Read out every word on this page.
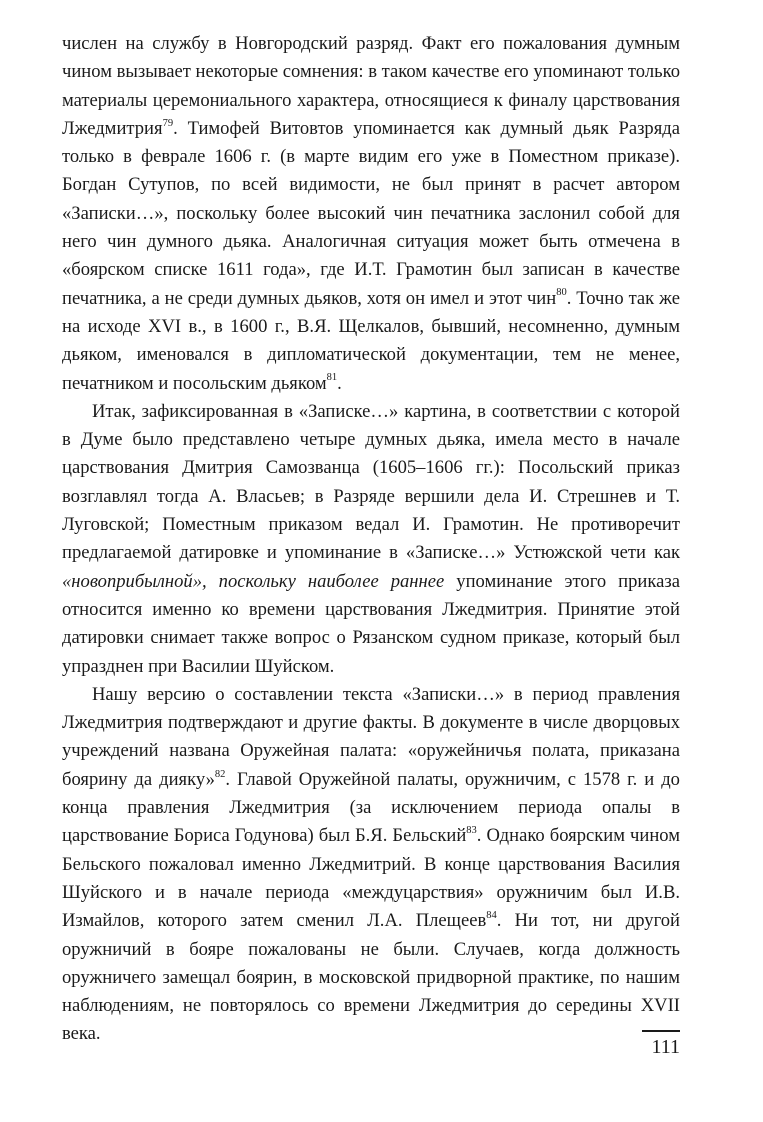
числен на службу в Новгородский разряд. Факт его пожалования думным чином вызывает некоторые сомнения: в таком качестве его упоминают только материалы церемониального характера, относящиеся к финалу царствования Лжедмитрия$^{79}$. Тимофей Витовтов упоминается как думный дьяк Разряда только в феврале 1606 г. (в марте видим его уже в Поместном приказе). Богдан Сутупов, по всей видимости, не был принят в расчет автором «Записки…», поскольку более высокий чин печатника заслонил собой для него чин думного дьяка. Аналогичная ситуация может быть отмечена в «боярском списке 1611 года», где И.Т. Грамотин был записан в качестве печатника, а не среди думных дьяков, хотя он имел и этот чин$^{80}$. Точно так же на исходе XVI в., в 1600 г., В.Я. Щелкалов, бывший, несомненно, думным дьяком, именовался в дипломатической документации, тем не менее, печатником и посольским дьяком$^{81}$.

Итак, зафиксированная в «Записке…» картина, в соответствии с которой в Думе было представлено четыре думных дьяка, имела место в начале царствования Дмитрия Самозванца (1605–1606 гг.): Посольский приказ возглавлял тогда А. Власьев; в Разряде вершили дела И. Стрешнев и Т. Луговской; Поместным приказом ведал И. Грамотин. Не противоречит предлагаемой датировке и упоминание в «Записке…» Устюжской чети как «новоприбылной», поскольку наиболее раннее упоминание этого приказа относится именно ко времени царствования Лжедмитрия. Принятие этой датировки снимает также вопрос о Рязанском судном приказе, который был упразднен при Василии Шуйском.

Нашу версию о составлении текста «Записки…» в период правления Лжедмитрия подтверждают и другие факты. В документе в числе дворцовых учреждений названа Оружейная палата: «оружейничья полата, приказана боярину да дияку»$^{82}$. Главой Оружейной палаты, оружничим, с 1578 г. и до конца правления Лжедмитрия (за исключением периода опалы в царствование Бориса Годунова) был Б.Я. Бельский$^{83}$. Однако боярским чином Бельского пожаловал именно Лжедмитрий. В конце царствования Василия Шуйского и в начале периода «междуцарствия» оружничим был И.В. Измайлов, которого затем сменил Л.А. Плещеев$^{84}$. Ни тот, ни другой оружничий в бояре пожалованы не были. Случаев, когда должность оружничего замещал боярин, в московской придворной практике, по нашим наблюдениям, не повторялось со времени Лжедмитрия до середины XVII века.

111
